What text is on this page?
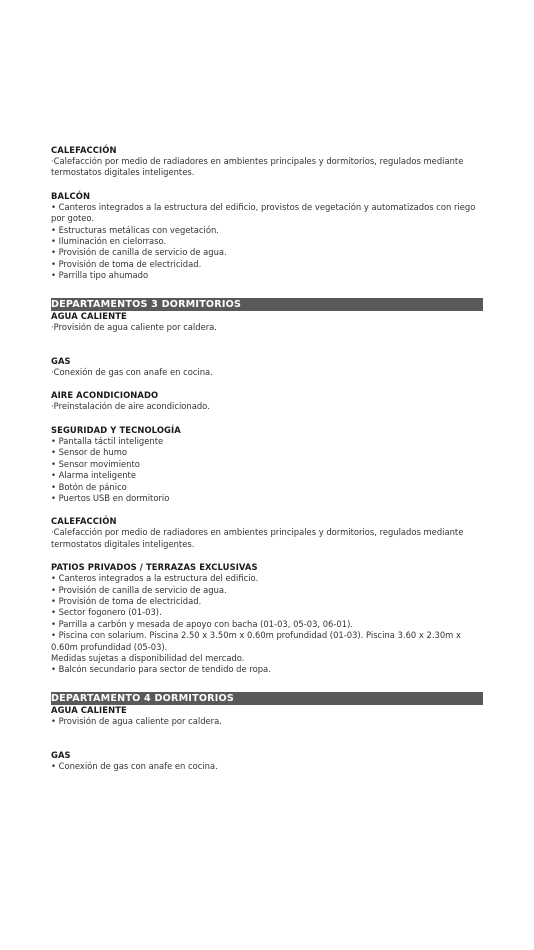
CALEFACCIÓN

·Calefacción por medio de radiadores en ambientes principales y dormitorios, regulados mediante termostatos digitales inteligentes.

BALCÓN

• Canteros integrados a la estructura del edificio, provistos de vegetación y automatizados con riego por goteo.

• Estructuras metálicas con vegetación.

• Iluminación en cielorraso.

• Provisión de canilla de servicio de agua.

• Provisión de toma de electricidad.

• Parrilla tipo ahumado

DEPARTAMENTOS 3 DORMITORIOS

AGUA CALIENTE

·Provisión de agua caliente por caldera.

GAS

·Conexión de gas con anafe en cocina.

AIRE ACONDICIONADO

·Preinstalación de aire acondicionado.

SEGURIDAD Y TECNOLOGÍA

• Pantalla táctil inteligente

• Sensor de humo

• Sensor movimiento

• Alarma inteligente

• Botón de pánico

• Puertos USB en dormitorio

CALEFACCIÓN

·Calefacción por medio de radiadores en ambientes principales y dormitorios, regulados mediante termostatos digitales inteligentes.

PATIOS PRIVADOS / TERRAZAS EXCLUSIVAS

• Canteros integrados a la estructura del edificio.

• Provisión de canilla de servicio de agua.

• Provisión de toma de electricidad.

• Sector fogonero (01-03).

• Parrilla a carbón y mesada de apoyo con bacha (01-03, 05-03, 06-01).

• Piscina con solarium. Piscina 2.50 x 3.50m x 0.60m profundidad (01-03). Piscina 3.60 x 2.30m x 0.60m profundidad (05-03).

Medidas sujetas a disponibilidad del mercado.

• Balcón secundario para sector de tendido de ropa.

DEPARTAMENTO 4 DORMITORIOS

AGUA CALIENTE

• Provisión de agua caliente por caldera.

GAS

• Conexión de gas con anafe en cocina.
